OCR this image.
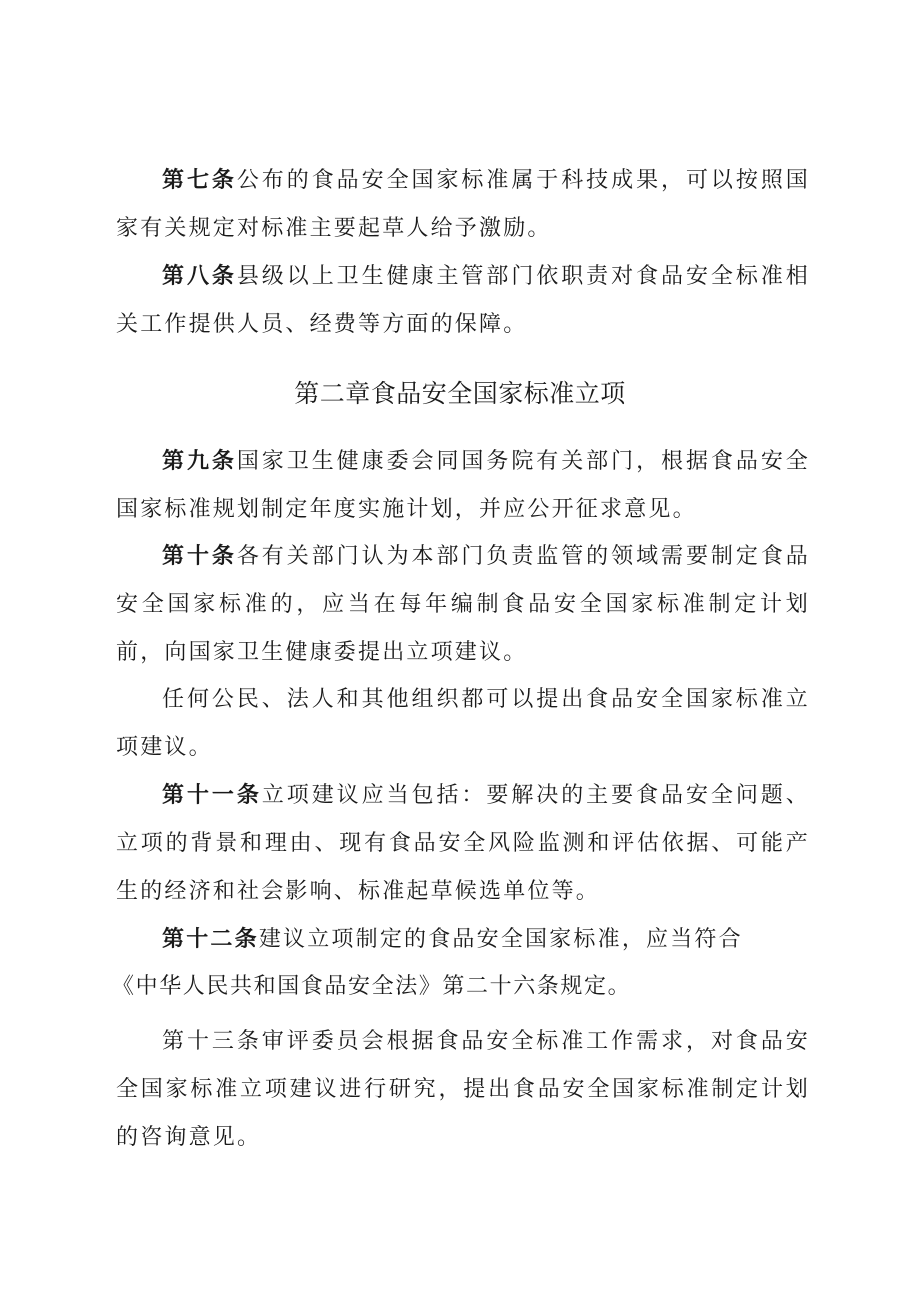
第七条公布的食品安全国家标准属于科技成果，可以按照国家有关规定对标准主要起草人给予激励。

第八条县级以上卫生健康主管部门依职责对食品安全标准相关工作提供人员、经费等方面的保障。

第二章食品安全国家标准立项

第九条国家卫生健康委会同国务院有关部门，根据食品安全国家标准规划制定年度实施计划，并应公开征求意见。

第十条各有关部门认为本部门负责监管的领域需要制定食品安全国家标准的，应当在每年编制食品安全国家标准制定计划前，向国家卫生健康委提出立项建议。

任何公民、法人和其他组织都可以提出食品安全国家标准立项建议。

第十一条立项建议应当包括：要解决的主要食品安全问题、立项的背景和理由、现有食品安全风险监测和评估依据、可能产生的经济和社会影响、标准起草候选单位等。

第十二条建议立项制定的食品安全国家标准，应当符合

《中华人民共和国食品安全法》第二十六条规定。

第十三条审评委员会根据食品安全标准工作需求，对食品安全国家标准立项建议进行研究，提出食品安全国家标准制定计划的咨询意见。
